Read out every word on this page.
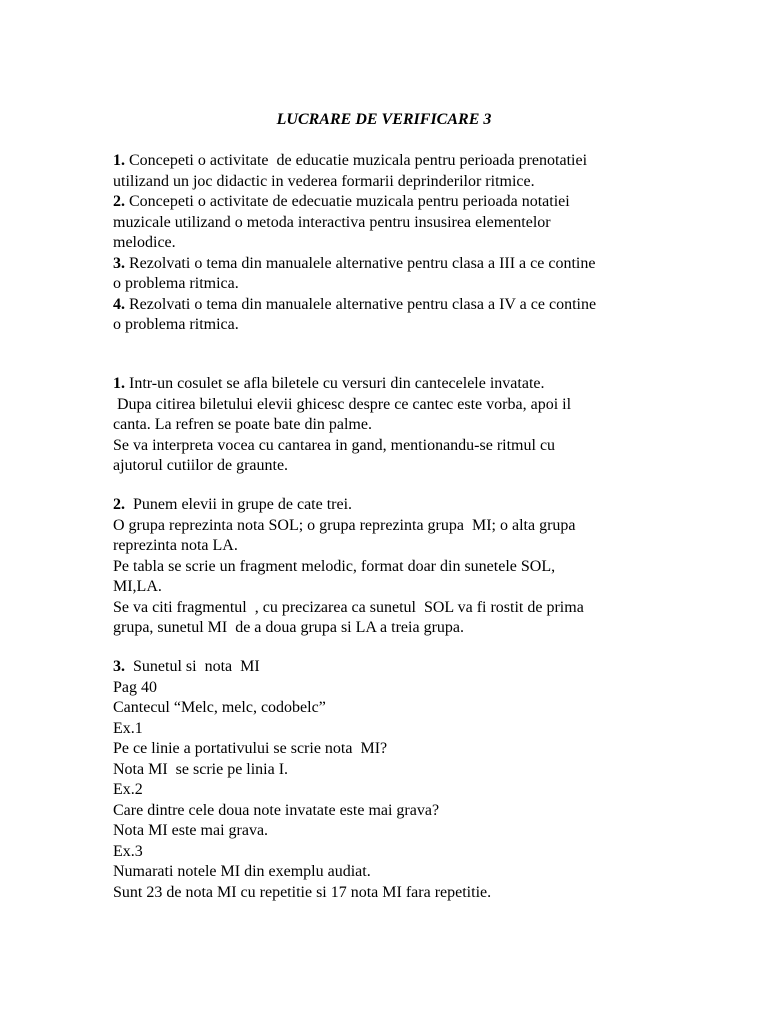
LUCRARE DE VERIFICARE 3

1. Concepeti o activitate  de educatie muzicala pentru perioada prenotatiei

utilizand un joc didactic in vederea formarii deprinderilor ritmice.

2. Concepeti o activitate de edecuatie muzicala pentru perioada notatiei

muzicale utilizand o metoda interactiva pentru insusirea elementelor

melodice.

3. Rezolvati o tema din manualele alternative pentru clasa a III a ce contine

o problema ritmica.

4. Rezolvati o tema din manualele alternative pentru clasa a IV a ce contine

o problema ritmica.

1. Intr-un cosulet se afla biletele cu versuri din cantecelele invatate.

Dupa citirea biletului elevii ghicesc despre ce cantec este vorba, apoi il

canta. La refren se poate bate din palme.

Se va interpreta vocea cu cantarea in gand, mentionandu-se ritmul cu

ajutorul cutiilor de graunte.

2.  Punem elevii in grupe de cate trei.

O grupa reprezinta nota SOL; o grupa reprezinta grupa  MI; o alta grupa

reprezinta nota LA.

Pe tabla se scrie un fragment melodic, format doar din sunetele SOL,

MI,LA.

Se va citi fragmentul  , cu precizarea ca sunetul  SOL va fi rostit de prima

grupa, sunetul MI  de a doua grupa si LA a treia grupa.

3.  Sunetul si  nota  MI

Pag 40

Cantecul “Melc, melc, codobelc”

Ex.1

Pe ce linie a portativului se scrie nota  MI?

Nota MI  se scrie pe linia I.

Ex.2

Care dintre cele doua note invatate este mai grava?

Nota MI este mai grava.

Ex.3

Numarati notele MI din exemplu audiat.

Sunt 23 de nota MI cu repetitie si 17 nota MI fara repetitie.
